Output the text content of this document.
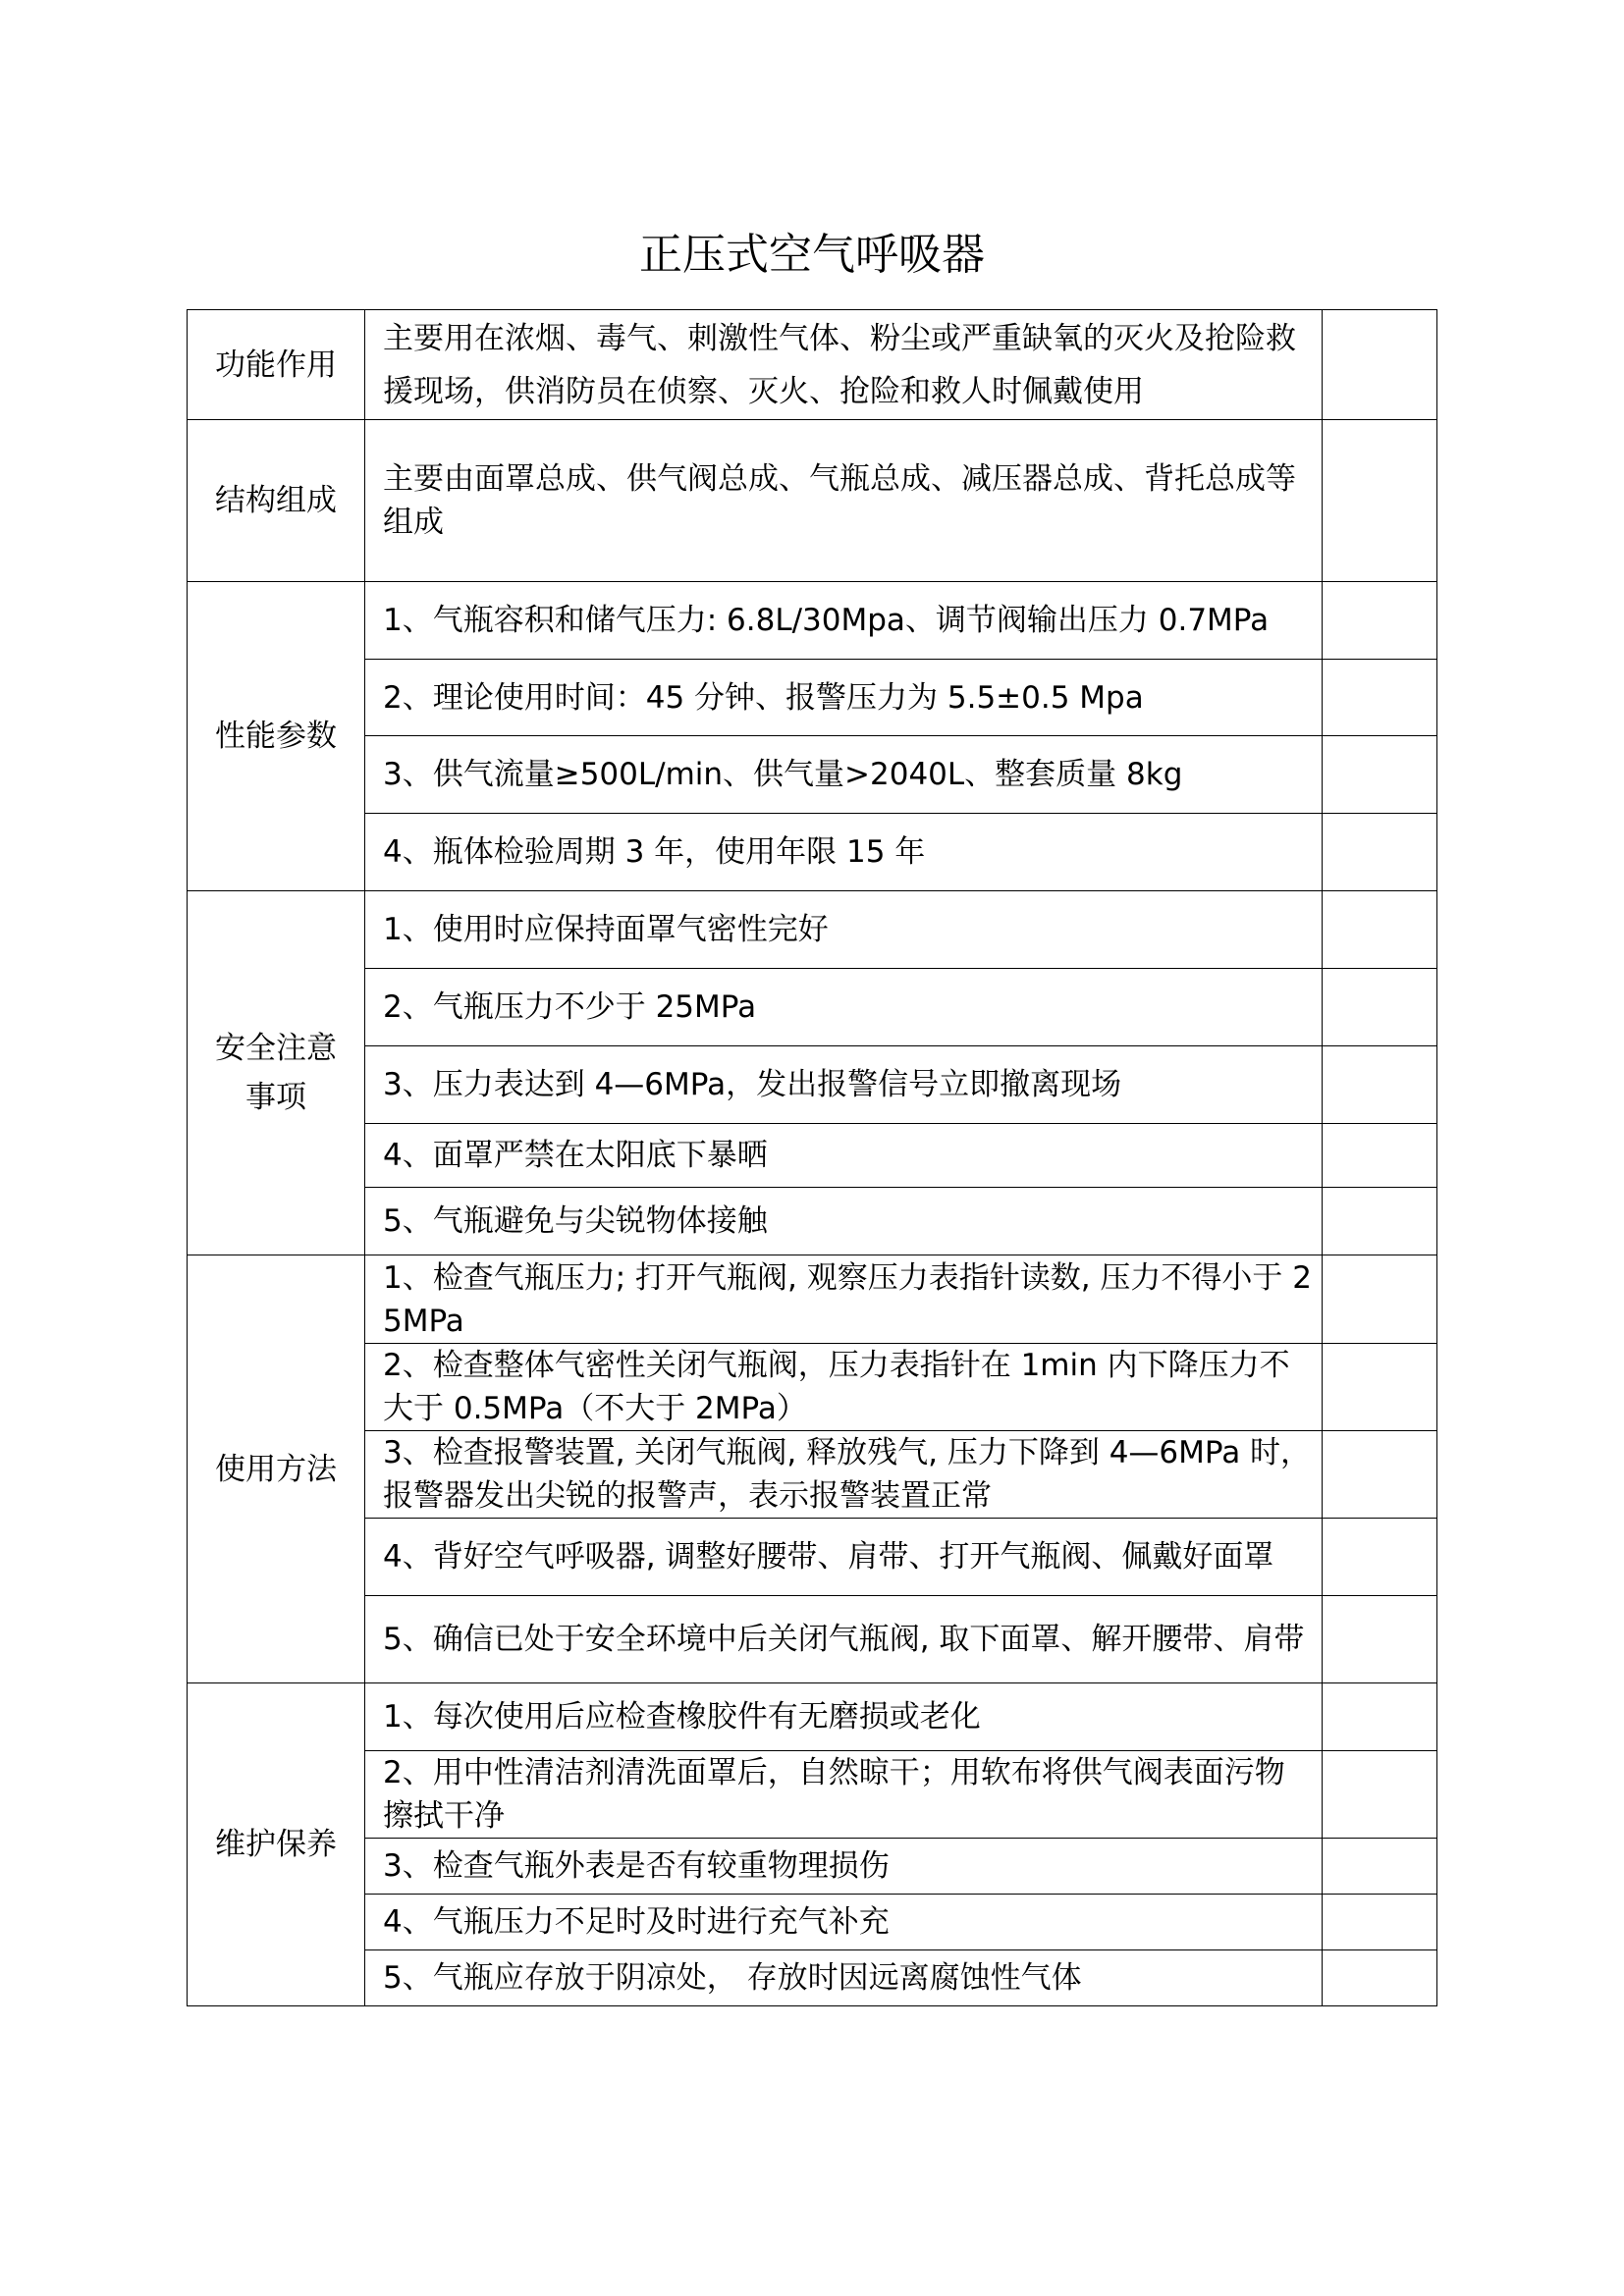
正压式空气呼吸器
功能作用
主要用在浓烟、毒气、刺激性气体、粉尘或严重缺氧的灭火及抢险救援现场，供消防员在侦察、灭火、抢险和救人时佩戴使用
结构组成
主要由面罩总成、供气阀总成、气瓶总成、减压器总成、背托总成等组成
性能参数
1、气瓶容积和储气压力: 6.8L/30Mpa、调节阀输出压力 0.7MPa
2、理论使用时间：45 分钟、报警压力为 5.5±0.5 Mpa
3、供气流量≥500L/min、供气量>2040L、整套质量 8kg
4、瓶体检验周期 3 年，使用年限 15 年
安全注意事项
1、使用时应保持面罩气密性完好
2、气瓶压力不少于 25MPa
3、压力表达到 4—6MPa，发出报警信号立即撤离现场
4、面罩严禁在太阳底下暴晒
5、气瓶避免与尖锐物体接触
使用方法
1、检查气瓶压力; 打开气瓶阀, 观察压力表指针读数, 压力不得小于 25MPa
2、检查整体气密性关闭气瓶阀，压力表指针在 1min 内下降压力不大于 0.5MPa（不大于 2MPa）
3、检查报警装置, 关闭气瓶阀, 释放残气, 压力下降到 4—6MPa 时，报警器发出尖锐的报警声，表示报警装置正常
4、背好空气呼吸器, 调整好腰带、肩带、打开气瓶阀、佩戴好面罩
5、确信已处于安全环境中后关闭气瓶阀, 取下面罩、解开腰带、肩带
维护保养
1、每次使用后应检查橡胶件有无磨损或老化
2、用中性清洁剂清洗面罩后，自然晾干；用软布将供气阀表面污物擦拭干净
3、检查气瓶外表是否有较重物理损伤
4、气瓶压力不足时及时进行充气补充
5、气瓶应存放于阴凉处， 存放时因远离腐蚀性气体
